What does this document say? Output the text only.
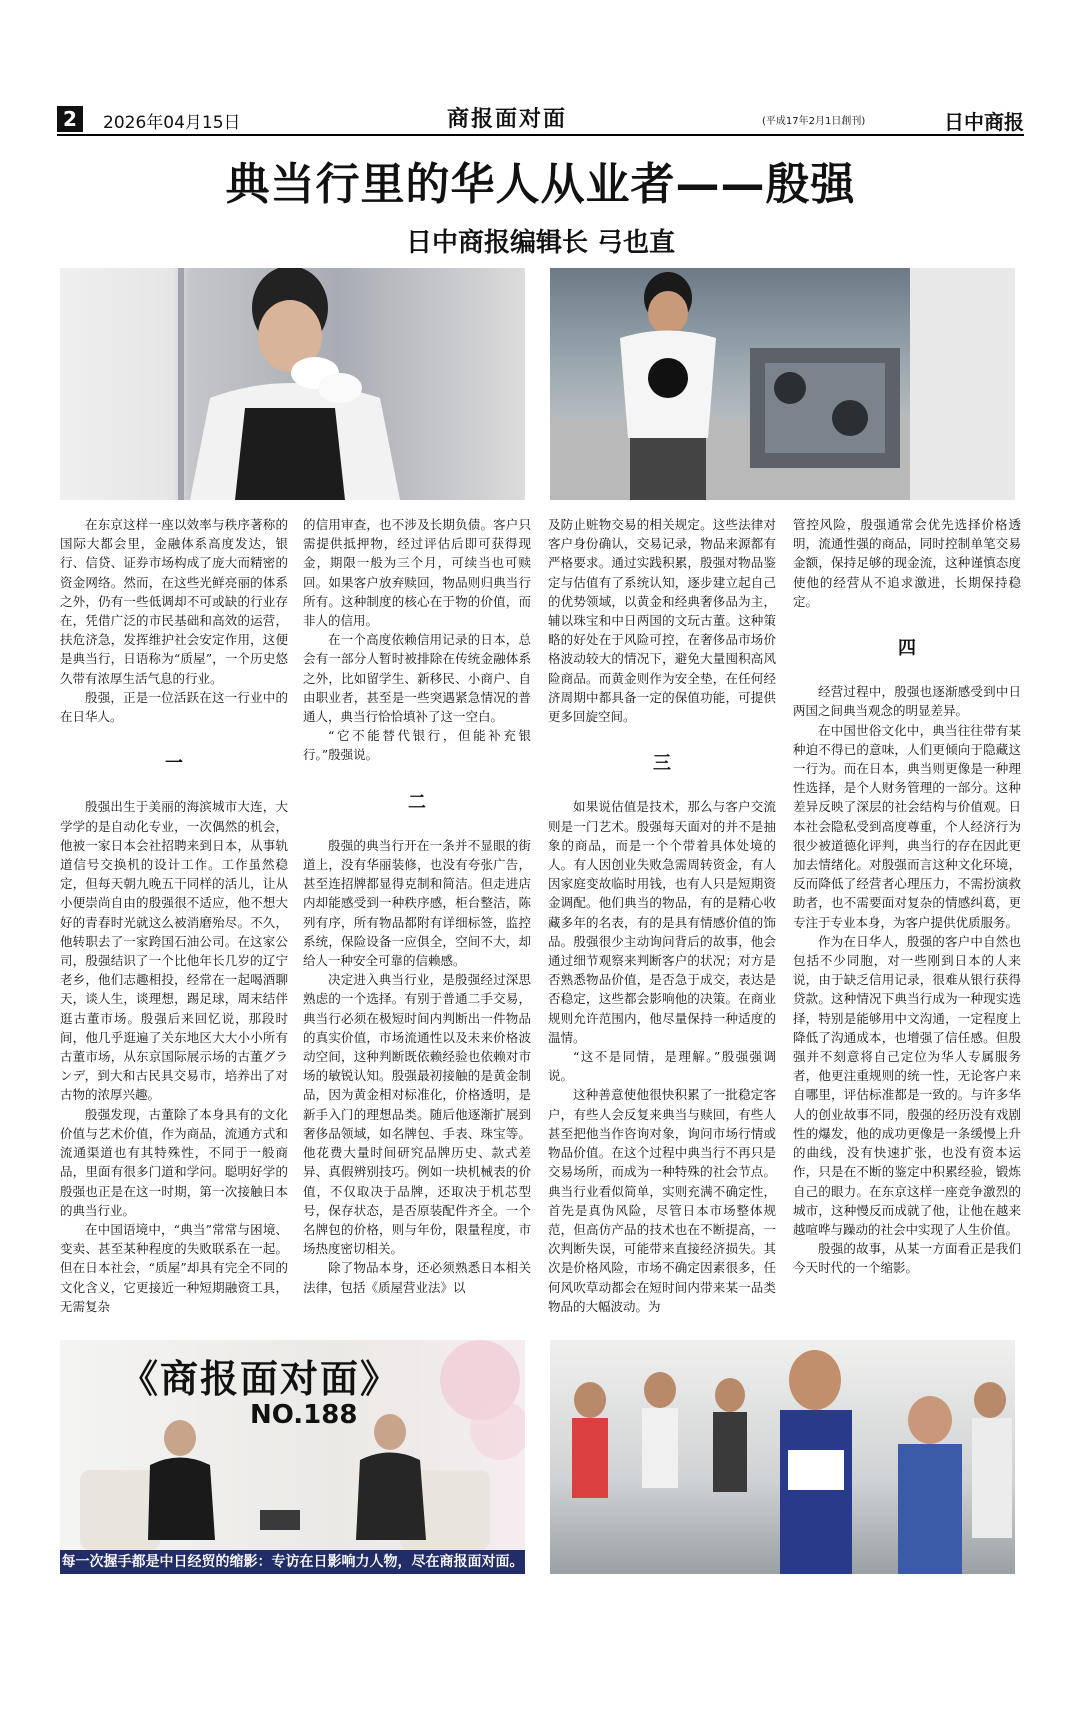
2	2026年04月15日	商报面对面	(平成17年2月1日創刊)	日中商报
典当行里的华人从业者——殷强
日中商报编辑长 弓也直

在东京这样一座以效率与秩序著称的国际大都会里，金融体系高度发达，银行、信贷、证券市场构成了庞大而精密的资金网络。然而，在这些光鲜亮丽的体系之外，仍有一些低调却不可或缺的行业存在，凭借广泛的市民基础和高效的运营，扶危济急，发挥维护社会安定作用，这便是典当行，日语称为“质屋”，一个历史悠久带有浓厚生活气息的行业。

殷强，正是一位活跃在这一行业中的在日华人。

一

殷强出生于美丽的海滨城市大连，大学学的是自动化专业，一次偶然的机会，他被一家日本会社招聘来到日本，从事轨道信号交换机的设计工作。工作虽然稳定，但每天朝九晚五干同样的活儿，让从小便崇尚自由的殷强很不适应，他不想大好的青春时光就这么被消磨殆尽。不久，他转职去了一家跨国石油公司。在这家公司，殷强结识了一个比他年长几岁的辽宁老乡，他们志趣相投，经常在一起喝酒聊天，谈人生，谈理想，踢足球，周末结伴逛古董市场。殷强后来回忆说，那段时间，他几乎逛遍了关东地区大大小小所有古董市场，从东京国际展示场的古董グランデ，到大和古民具交易市，培养出了对古物的浓厚兴趣。

殷强发现，古董除了本身具有的文化价值与艺术价值，作为商品，流通方式和流通渠道也有其特殊性，不同于一般商品，里面有很多门道和学问。聪明好学的殷强也正是在这一时期，第一次接触日本的典当行业。

在中国语境中，“典当”常常与困境、变卖、甚至某种程度的失败联系在一起。但在日本社会，“质屋”却具有完全不同的文化含义，它更接近一种短期融资工具，无需复杂

的信用审查，也不涉及长期负债。客户只需提供抵押物，经过评估后即可获得现金，期限一般为三个月，可续当也可赎回。如果客户放弃赎回，物品则归典当行所有。这种制度的核心在于物的价值，而非人的信用。

在一个高度依赖信用记录的日本，总会有一部分人暂时被排除在传统金融体系之外，比如留学生、新移民、小商户、自由职业者，甚至是一些突遇紧急情况的普通人，典当行恰恰填补了这一空白。

“它不能替代银行，但能补充银行。”殷强说。

二

殷强的典当行开在一条并不显眼的街道上，没有华丽装修，也没有夸张广告，甚至连招牌都显得克制和简洁。但走进店内却能感受到一种秩序感，柜台整洁，陈列有序，所有物品都附有详细标签，监控系统，保险设备一应俱全，空间不大，却给人一种安全可靠的信赖感。

决定进入典当行业，是殷强经过深思熟虑的一个选择。有别于普通二手交易，典当行必须在极短时间内判断出一件物品的真实价值，市场流通性以及未来价格波动空间，这种判断既依赖经验也依赖对市场的敏锐认知。殷强最初接触的是黄金制品，因为黄金相对标准化，价格透明，是新手入门的理想品类。随后他逐渐扩展到奢侈品领域，如名牌包、手表、珠宝等。他花费大量时间研究品牌历史、款式差异、真假辨别技巧。例如一块机械表的价值，不仅取决于品牌，还取决于机芯型号，保存状态，是否原装配件齐全。一个名牌包的价格，则与年份，限量程度，市场热度密切相关。

除了物品本身，还必须熟悉日本相关法律，包括《质屋营业法》以

及防止赃物交易的相关规定。这些法律对客户身份确认，交易记录，物品来源都有严格要求。通过实践积累，殷强对物品鉴定与估值有了系统认知，逐步建立起自己的优势领域，以黄金和经典奢侈品为主，辅以珠宝和中日两国的文玩古董。这种策略的好处在于风险可控，在奢侈品市场价格波动较大的情况下，避免大量囤积高风险商品。而黄金则作为安全垫，在任何经济周期中都具备一定的保值功能，可提供更多回旋空间。

三

如果说估值是技术，那么与客户交流则是一门艺术。殷强每天面对的并不是抽象的商品，而是一个个带着具体处境的人。有人因创业失败急需周转资金，有人因家庭变故临时用钱，也有人只是短期资金调配。他们典当的物品，有的是精心收藏多年的名表，有的是具有情感价值的饰品。殷强很少主动询问背后的故事，他会通过细节观察来判断客户的状况；对方是否熟悉物品价值，是否急于成交，表达是否稳定，这些都会影响他的决策。在商业规则允许范围内，他尽量保持一种适度的温情。

“这不是同情，是理解。”殷强强调说。

这种善意使他很快积累了一批稳定客户，有些人会反复来典当与赎回，有些人甚至把他当作咨询对象，询问市场行情或物品价值。在这个过程中典当行不再只是交易场所，而成为一种特殊的社会节点。典当行业看似简单，实则充满不确定性，首先是真伪风险，尽管日本市场整体规范，但高仿产品的技术也在不断提高，一次判断失误，可能带来直接经济损失。其次是价格风险，市场不确定因素很多，任何风吹草动都会在短时间内带来某一品类物品的大幅波动。为

管控风险，殷强通常会优先选择价格透明，流通性强的商品，同时控制单笔交易金额，保持足够的现金流，这种谨慎态度使他的经营从不追求激进，长期保持稳定。

四

经营过程中，殷强也逐渐感受到中日两国之间典当观念的明显差异。

在中国世俗文化中，典当往往带有某种迫不得已的意味，人们更倾向于隐藏这一行为。而在日本，典当则更像是一种理性选择，是个人财务管理的一部分。这种差异反映了深层的社会结构与价值观。日本社会隐私受到高度尊重，个人经济行为很少被道德化评判，典当行的存在因此更加去情绪化。对殷强而言这种文化环境，反而降低了经营者心理压力，不需扮演救助者，也不需要面对复杂的情感纠葛，更专注于专业本身，为客户提供优质服务。

作为在日华人，殷强的客户中自然也包括不少同胞，对一些刚到日本的人来说，由于缺乏信用记录，很难从银行获得贷款。这种情况下典当行成为一种现实选择，特别是能够用中文沟通，一定程度上降低了沟通成本，也增强了信任感。但殷强并不刻意将自己定位为华人专属服务者，他更注重规则的统一性，无论客户来自哪里，评估标准都是一致的。与许多华人的创业故事不同，殷强的经历没有戏剧性的爆发，他的成功更像是一条缓慢上升的曲线，没有快速扩张，也没有资本运作，只是在不断的鉴定中积累经验，锻炼自己的眼力。在东京这样一座竞争激烈的城市，这种慢反而成就了他，让他在越来越喧哗与躁动的社会中实现了人生价值。

殷强的故事，从某一方面看正是我们今天时代的一个缩影。

《商报面对面》
NO.188
每一次握手都是中日经贸的缩影：专访在日影响力人物，尽在商报面对面。
